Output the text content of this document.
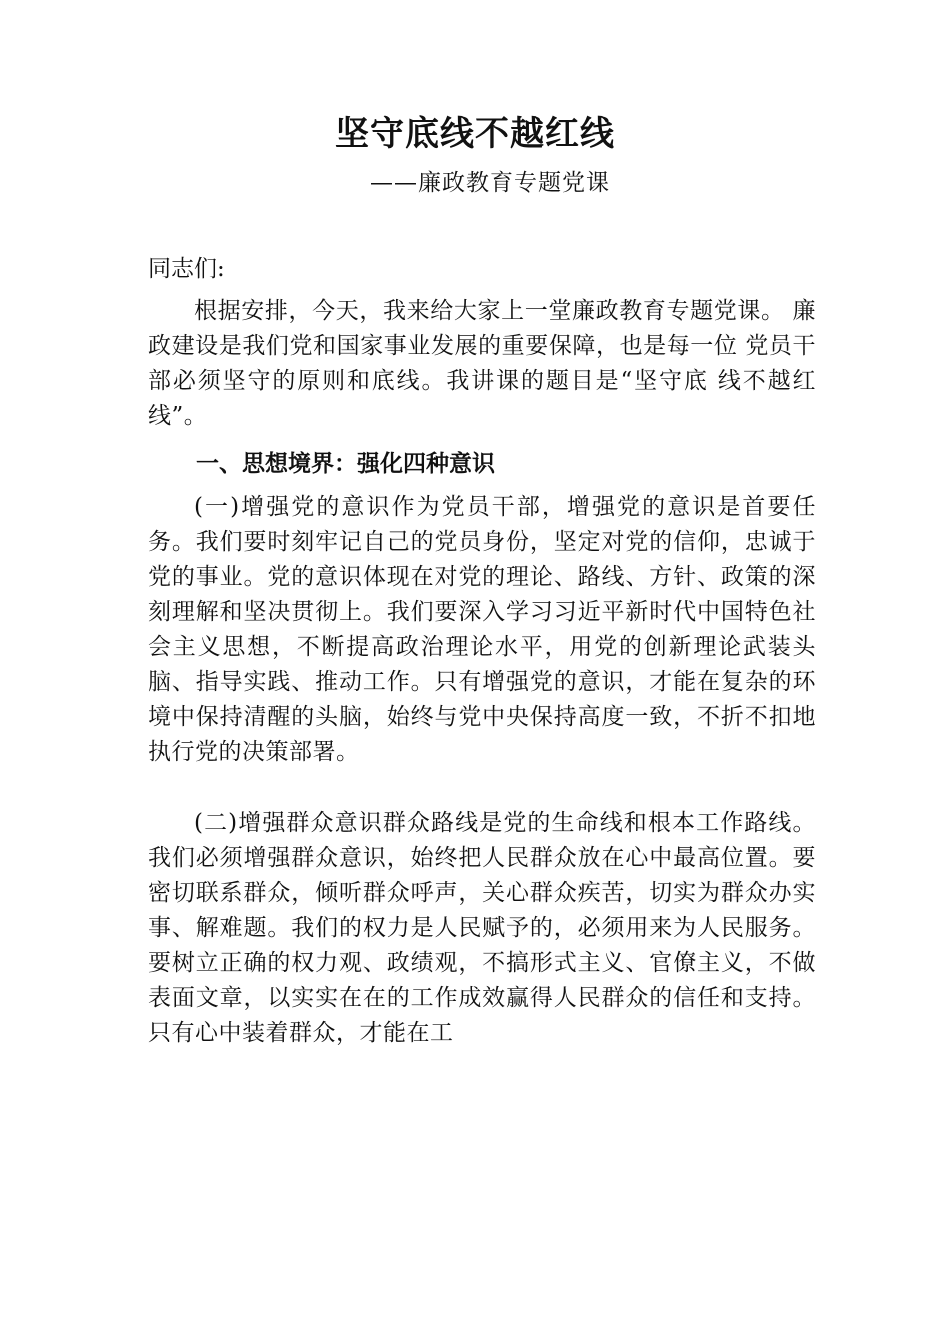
坚守底线不越红线

——廉政教育专题党课

同志们:

根据安排，今天，我来给大家上一堂廉政教育专题党课。 廉政建设是我们党和国家事业发展的重要保障，也是每一位 党员干部必须坚守的原则和底线。我讲课的题目是“坚守底 线不越红线”。

一、思想境界：强化四种意识

(一)增强党的意识作为党员干部，增强党的意识是首要任务。我们要时刻牢记自己的党员身份，坚定对党的信仰，忠诚于党的事业。党的意识体现在对党的理论、路线、方针、政策的深刻理解和坚决贯彻上。我们要深入学习习近平新时代中国特色社会主义思想，不断提高政治理论水平，用党的创新理论武装头脑、指导实践、推动工作。只有增强党的意识，才能在复杂的环境中保持清醒的头脑，始终与党中央保持高度一致，不折不扣地执行党的决策部署。

(二)增强群众意识群众路线是党的生命线和根本工作路线。我们必须增强群众意识，始终把人民群众放在心中最高位置。要密切联系群众，倾听群众呼声，关心群众疾苦，切实为群众办实事、解难题。我们的权力是人民赋予的，必须用来为人民服务。要树立正确的权力观、政绩观，不搞形式主义、官僚主义，不做表面文章，以实实在在的工作成效赢得人民群众的信任和支持。只有心中装着群众，才能在工
